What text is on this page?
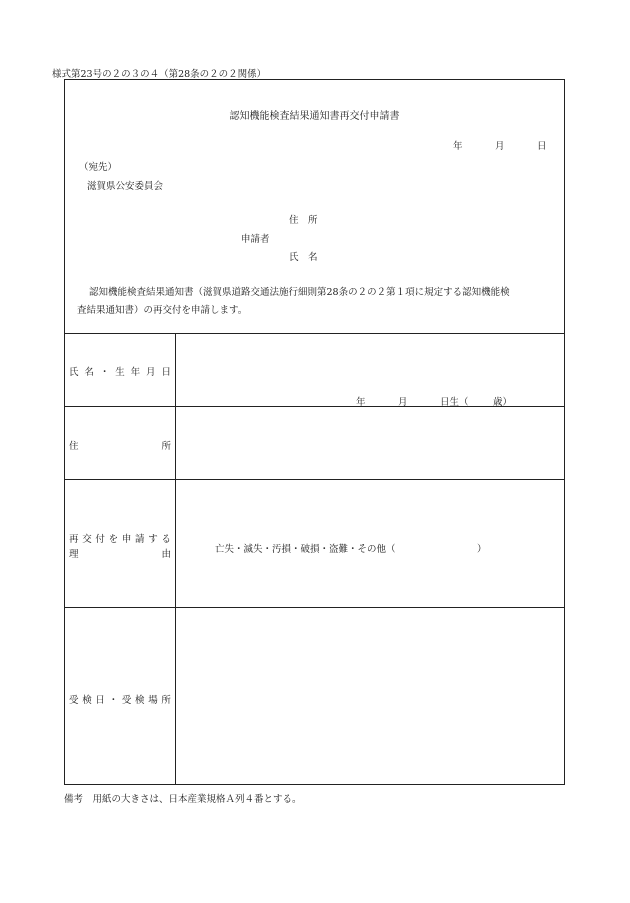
様式第23号の２の３の４（第28条の２の２関係）
認知機能検査結果通知書再交付申請書
年	月	日
（宛先）
滋賀県公安委員会
住　所
申請者
氏　名
認知機能検査結果通知書（滋賀県道路交通法施行細則第28条の２の２第１項に規定する認知機能検
査結果通知書）の再交付を申請します。
氏 名 ・ 生 年 月 日
年	月	日生（	歳）
住	所
再 交 付 を 申 請 す る
理	由	亡失・滅失・汚損・破損・盗難・その他（	）
受 検 日 ・ 受 検 場 所
備考　用紙の大きさは、日本産業規格Ａ列４番とする。
